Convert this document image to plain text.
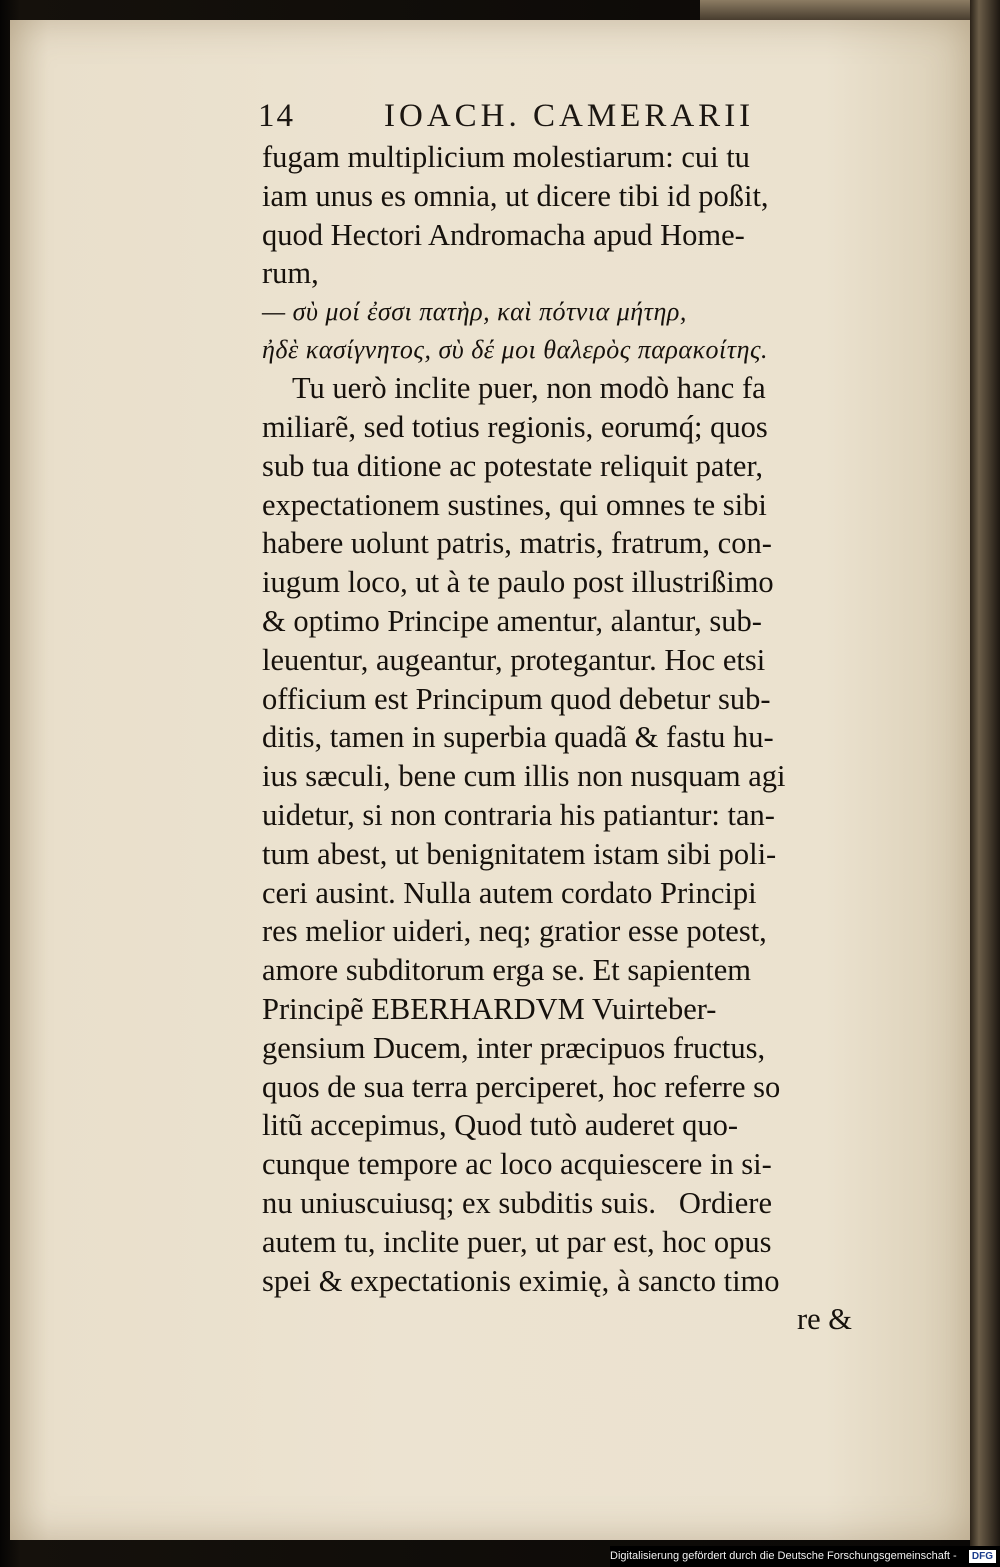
14	IOACH. CAMERARII
fugam multiplicium molestiarum: cui tu
iam unus es omnia, ut dicere tibi id poßit,
quod Hectori Andromacha apud Home-
rum,
— σὺ μοί ἐσσι πατὴρ, καὶ πότνια μήτηρ,
ἠδὲ κασίγνητος, σὺ δέ μοι θαλερὸς παρακοίτης.
Tu uerò inclite puer, non modò hanc fa
miliarẽ, sed totius regionis, eorumq́; quos
sub tua ditione ac potestate reliquit pater,
expectationem sustines, qui omnes te sibi
habere uolunt patris, matris, fratrum, con-
iugum loco, ut à te paulo post illustrißimo
& optimo Principe amentur, alantur, sub-
leuentur, augeantur, protegantur. Hoc etsi
officium est Principum quod debetur sub-
ditis, tamen in superbia quadã & fastu hu-
ius sæculi, bene cum illis non nusquam agi
uidetur, si non contraria his patiantur: tan-
tum abest, ut benignitatem istam sibi poli-
ceri ausint. Nulla autem cordato Principi
res melior uideri, neq; gratior esse potest,
amore subditorum erga se. Et sapientem
Principẽ EBERHARDVM Vuirteber-
gensium Ducem, inter præcipuos fructus,
quos de sua terra perciperet, hoc referre so
litũ accepimus, Quod tutò auderet quo-
cunque tempore ac loco acquiescere in si-
nu uniuscuiusq; ex subditis suis.   Ordiere
autem tu, inclite puer, ut par est, hoc opus
spei & expectationis eximię, à sancto timo
re &
Digitalisierung gefördert durch die Deutsche Forschungsgemeinschaft -	DFG
